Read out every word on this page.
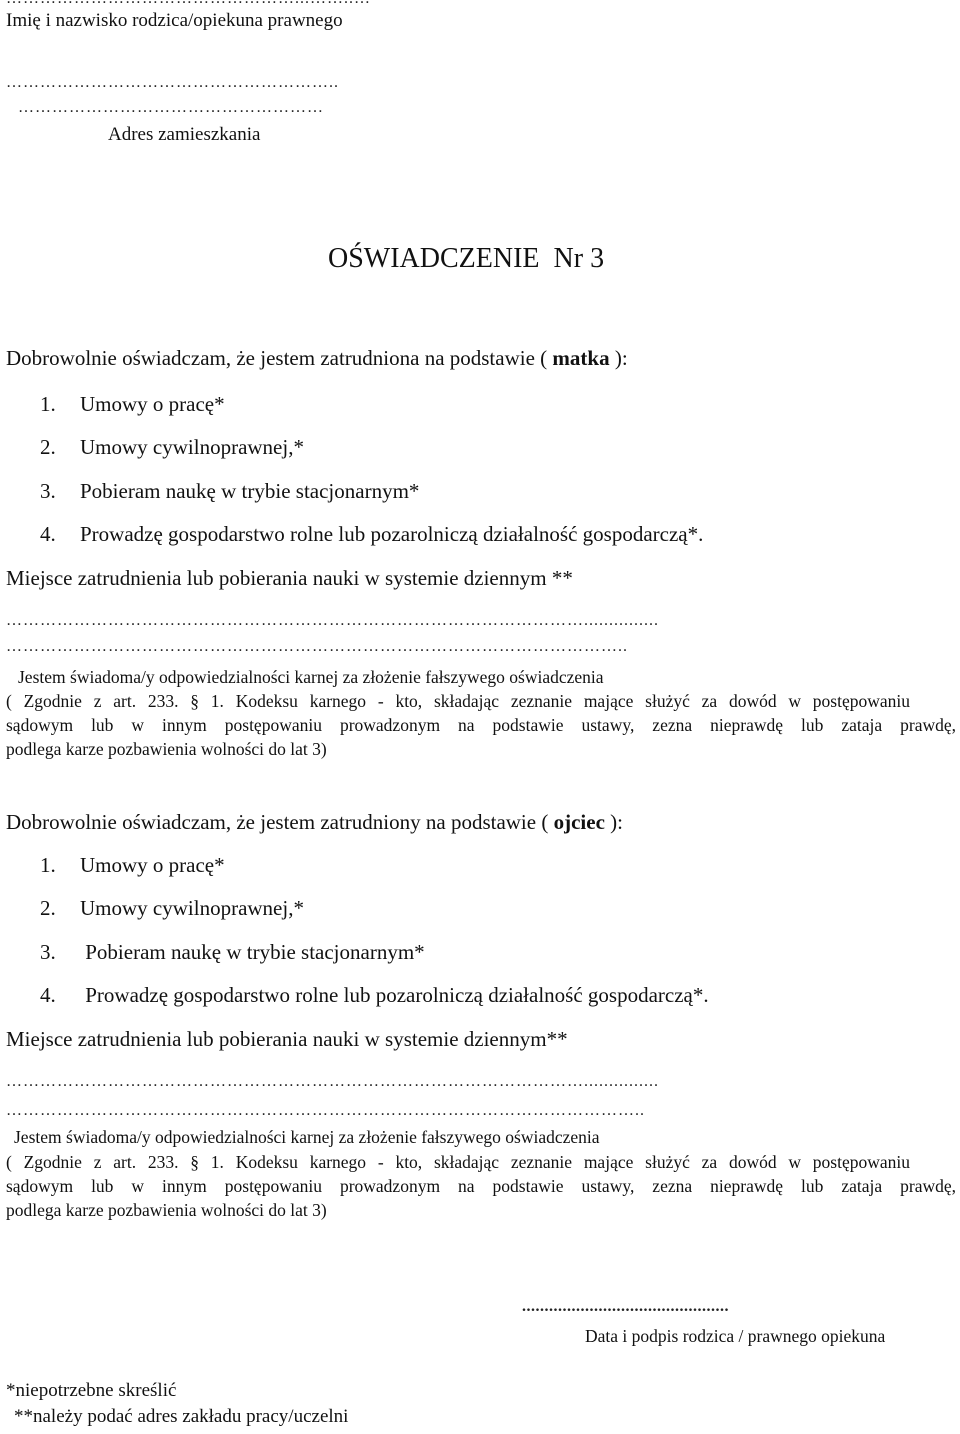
Imię i nazwisko rodzica/opiekuna prawnego
…………………………………………………..
………………………………………………
Adres zamieszkania
OŚWIADCZENIE  Nr 3
Dobrowolnie oświadczam, że jestem zatrudniona na podstawie ( matka ):
1. Umowy o pracę*
2. Umowy cywilnoprawnej,*
3. Pobieram naukę w trybie stacjonarnym*
4. Prowadzę gospodarstwo rolne lub pozarolniczą działalność gospodarczą*.
Miejsce zatrudnienia lub pobierania nauki w systemie dziennym **
…………………………………………………………………………………………...............
………………………………………………………………………………………………..
Jestem świadoma/y odpowiedzialności karnej za złożenie fałszywego oświadczenia
( Zgodnie z art. 233. § 1. Kodeksu karnego - kto, składając zeznanie mające służyć za dowód w postępowaniu
sądowym lub w innym postępowaniu prowadzonym na podstawie ustawy, zezna nieprawdę lub zataja prawdę,
podlega karze pozbawienia wolności do lat 3)
Dobrowolnie oświadczam, że jestem zatrudniony na podstawie ( ojciec ):
1. Umowy o pracę*
2. Umowy cywilnoprawnej,*
3. Pobieram naukę w trybie stacjonarnym*
4. Prowadzę gospodarstwo rolne lub pozarolniczą działalność gospodarczą*.
Miejsce zatrudnienia lub pobierania nauki w systemie dziennym**
…………………………………………………………………………………………...............
…………………………………………………………………………………………………..
Jestem świadoma/y odpowiedzialności karnej za złożenie fałszywego oświadczenia
( Zgodnie z art. 233. § 1. Kodeksu karnego - kto, składając zeznanie mające służyć za dowód w postępowaniu
sądowym lub w innym postępowaniu prowadzonym na podstawie ustawy, zezna nieprawdę lub zataja prawdę,
podlega karze pozbawienia wolności do lat 3)
..............................................
Data i podpis rodzica / prawnego opiekuna
*niepotrzebne skreślić
**należy podać adres zakładu pracy/uczelni
